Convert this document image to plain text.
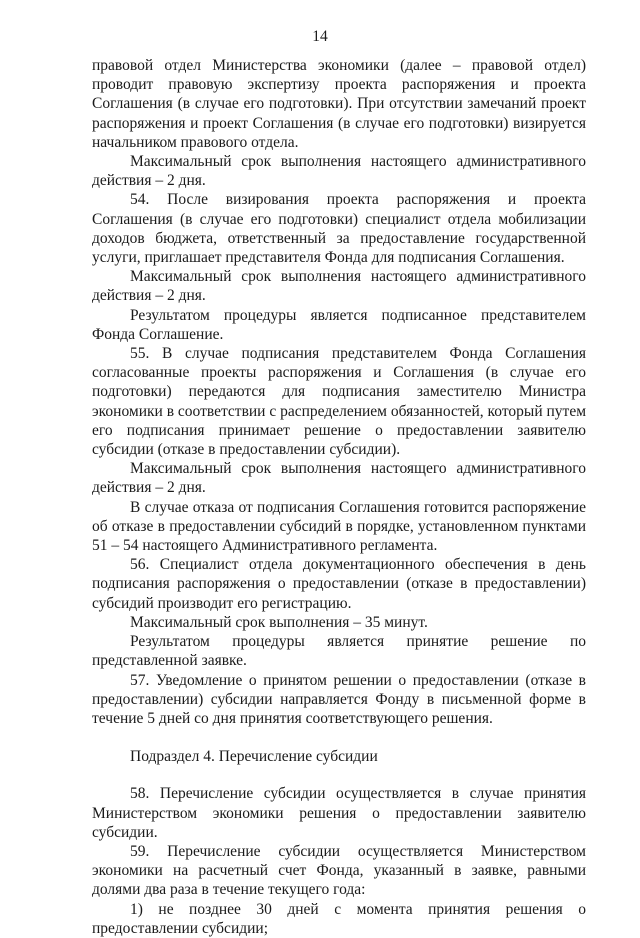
14

правовой отдел Министерства экономики (далее – правовой отдел) проводит правовую экспертизу проекта распоряжения и проекта Соглашения (в случае его подготовки). При отсутствии замечаний проект распоряжения и проект Соглашения (в случае его подготовки) визируется начальником правового отдела.

Максимальный срок выполнения настоящего административного действия – 2 дня.

54. После визирования проекта распоряжения и проекта Соглашения (в случае его подготовки) специалист отдела мобилизации доходов бюджета, ответственный за предоставление государственной услуги, приглашает представителя Фонда для подписания Соглашения.

Максимальный срок выполнения настоящего административного действия – 2 дня.

Результатом процедуры является подписанное представителем Фонда Соглашение.

55. В случае подписания представителем Фонда Соглашения согласованные проекты распоряжения и Соглашения (в случае его подготовки) передаются для подписания заместителю Министра экономики в соответствии с распределением обязанностей, который путем его подписания принимает решение о предоставлении заявителю субсидии (отказе в предоставлении субсидии).

Максимальный срок выполнения настоящего административного действия – 2 дня.

В случае отказа от подписания Соглашения готовится распоряжение об отказе в предоставлении субсидий в порядке, установленном пунктами 51 – 54 настоящего Административного регламента.

56. Специалист отдела документационного обеспечения в день подписания распоряжения о предоставлении (отказе в предоставлении) субсидий производит его регистрацию.

Максимальный срок выполнения – 35 минут.

Результатом процедуры является принятие решение по представленной заявке.

57. Уведомление о принятом решении о предоставлении (отказе в предоставлении) субсидии направляется Фонду в письменной форме в течение 5 дней со дня принятия соответствующего решения.

Подраздел 4. Перечисление субсидии

58. Перечисление субсидии осуществляется в случае принятия Министерством экономики решения о предоставлении заявителю субсидии.

59. Перечисление субсидии осуществляется Министерством экономики на расчетный счет Фонда, указанный в заявке, равными долями два раза в течение текущего года:

1) не позднее 30 дней с момента принятия решения о предоставлении субсидии;
